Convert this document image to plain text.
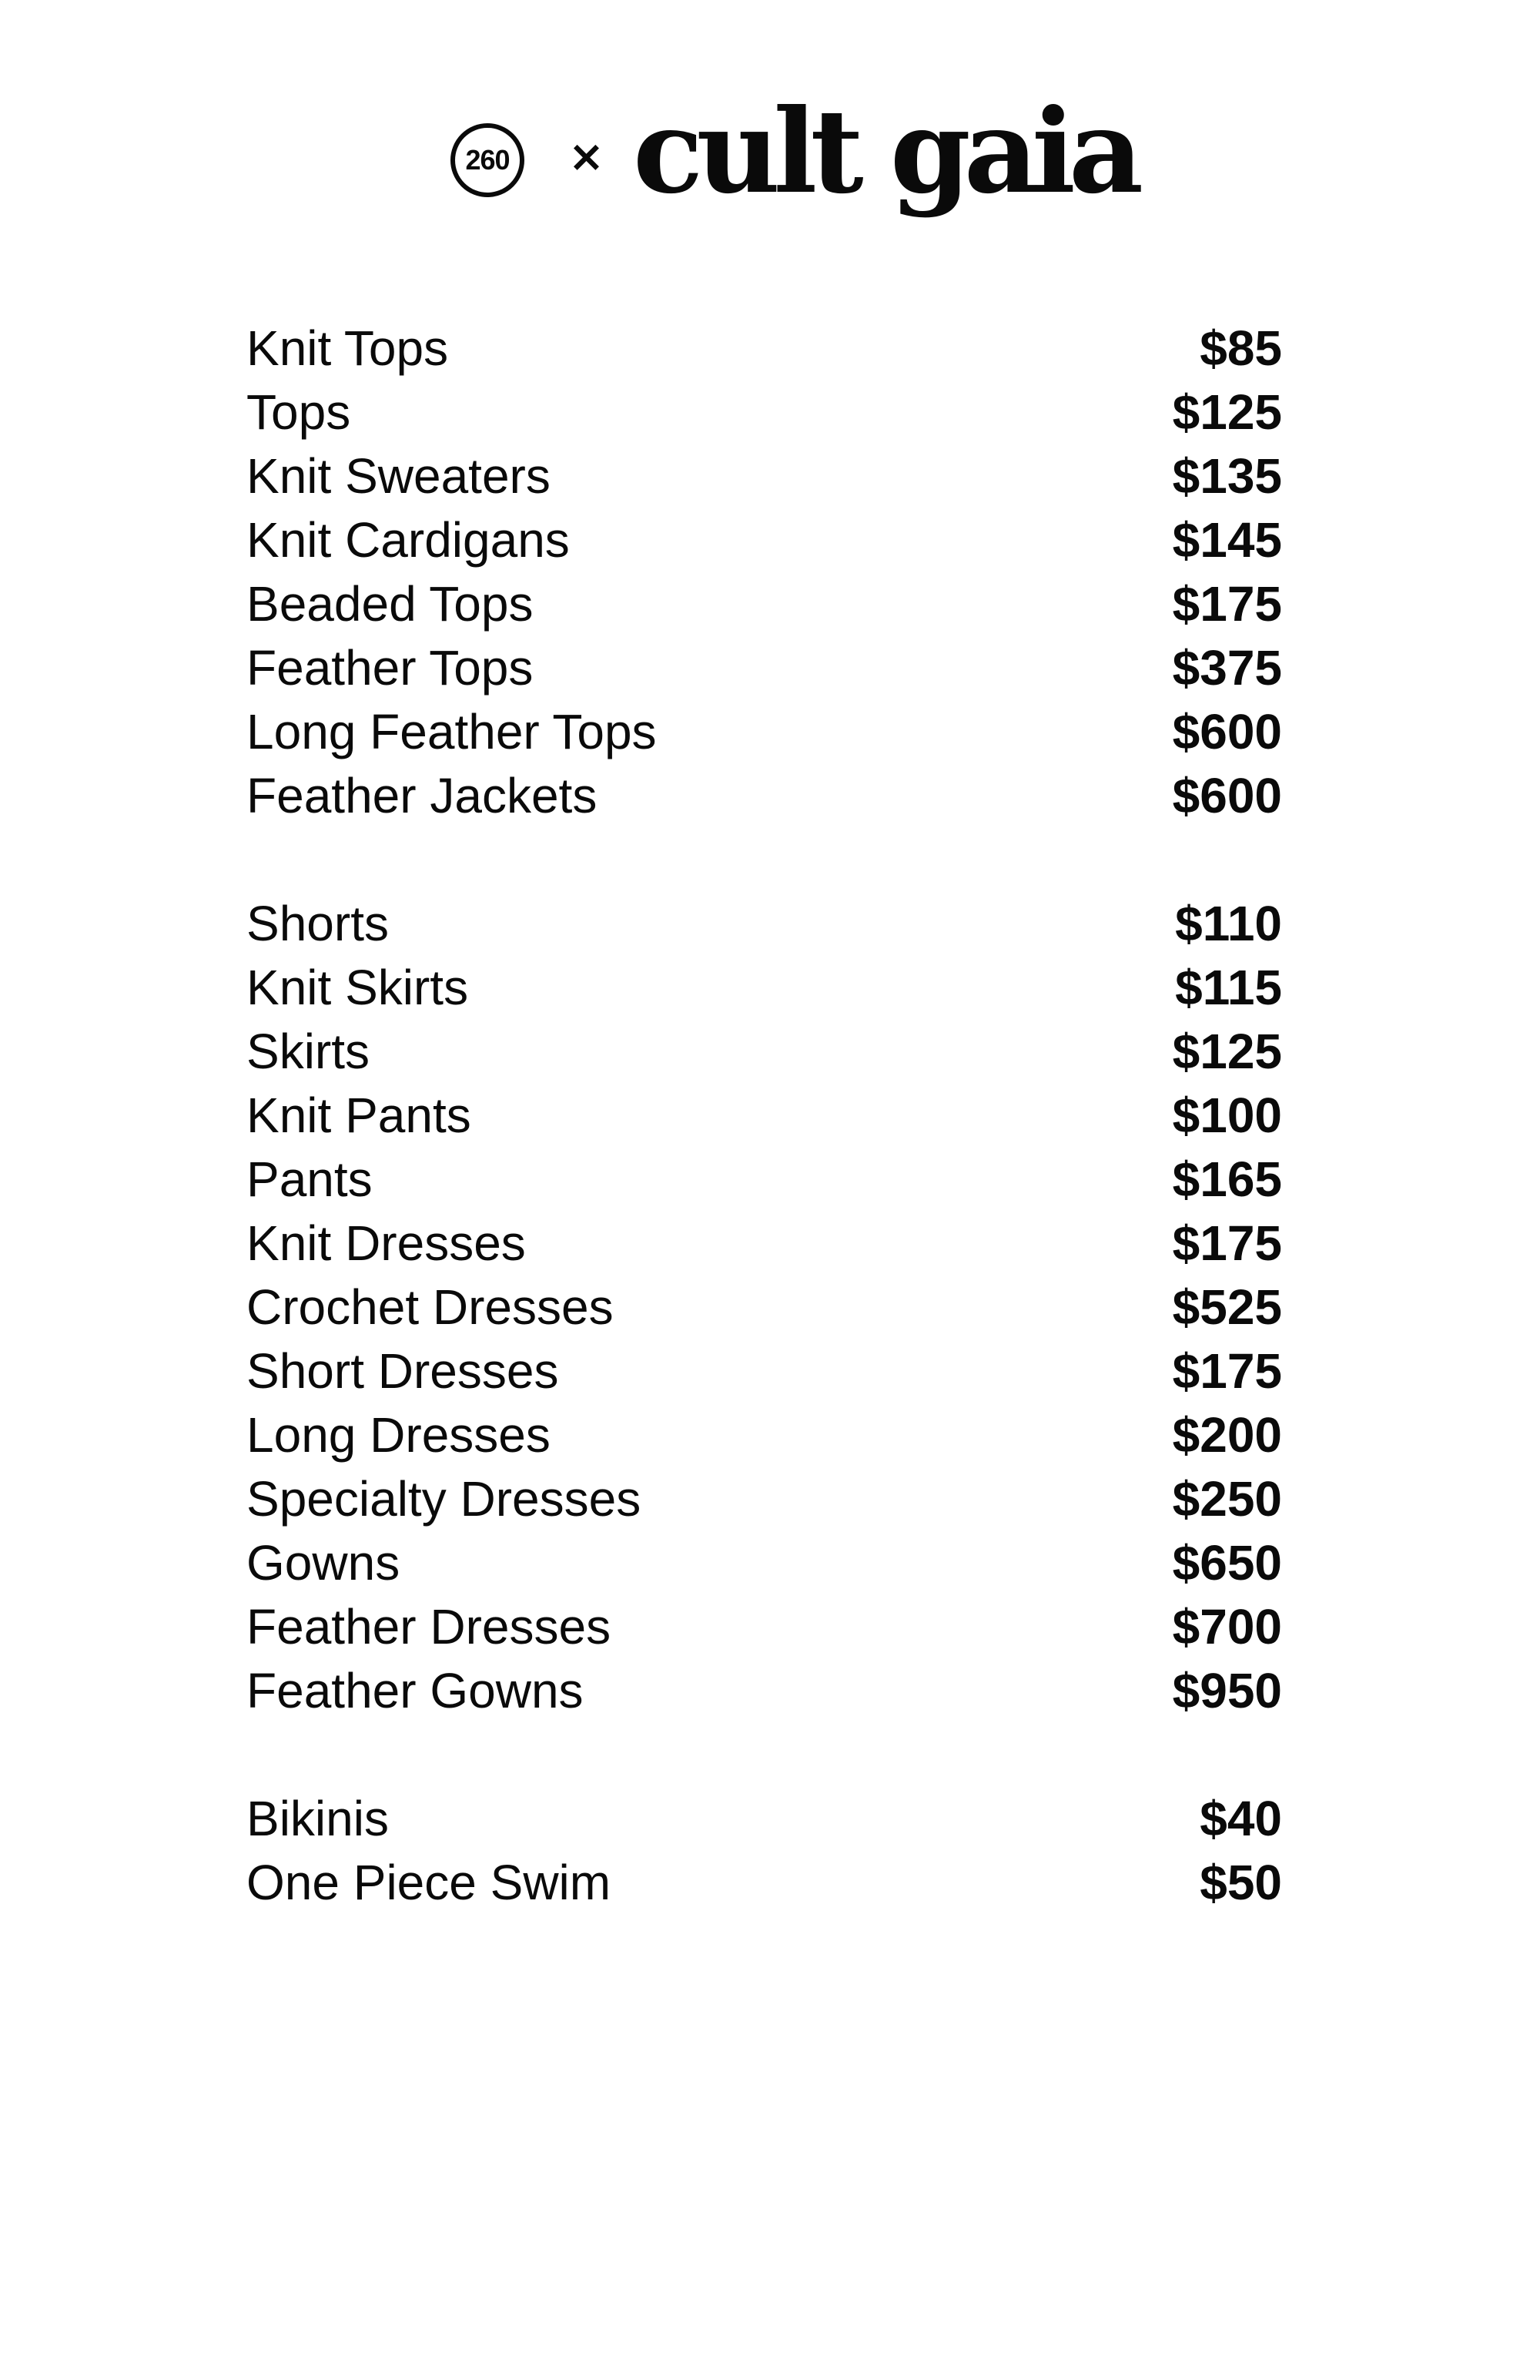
260	× cult gaia
Knit Tops	$85
Tops	$125
Knit Sweaters	$135
Knit Cardigans	$145
Beaded Tops	$175
Feather Tops	$375
Long Feather Tops	$600
Feather Jackets	$600
Shorts	$110
Knit Skirts	$115
Skirts	$125
Knit Pants	$100
Pants	$165
Knit Dresses	$175
Crochet Dresses	$525
Short Dresses	$175
Long Dresses	$200
Specialty Dresses	$250
Gowns	$650
Feather Dresses	$700
Feather Gowns	$950
Bikinis	$40
One Piece Swim	$50
